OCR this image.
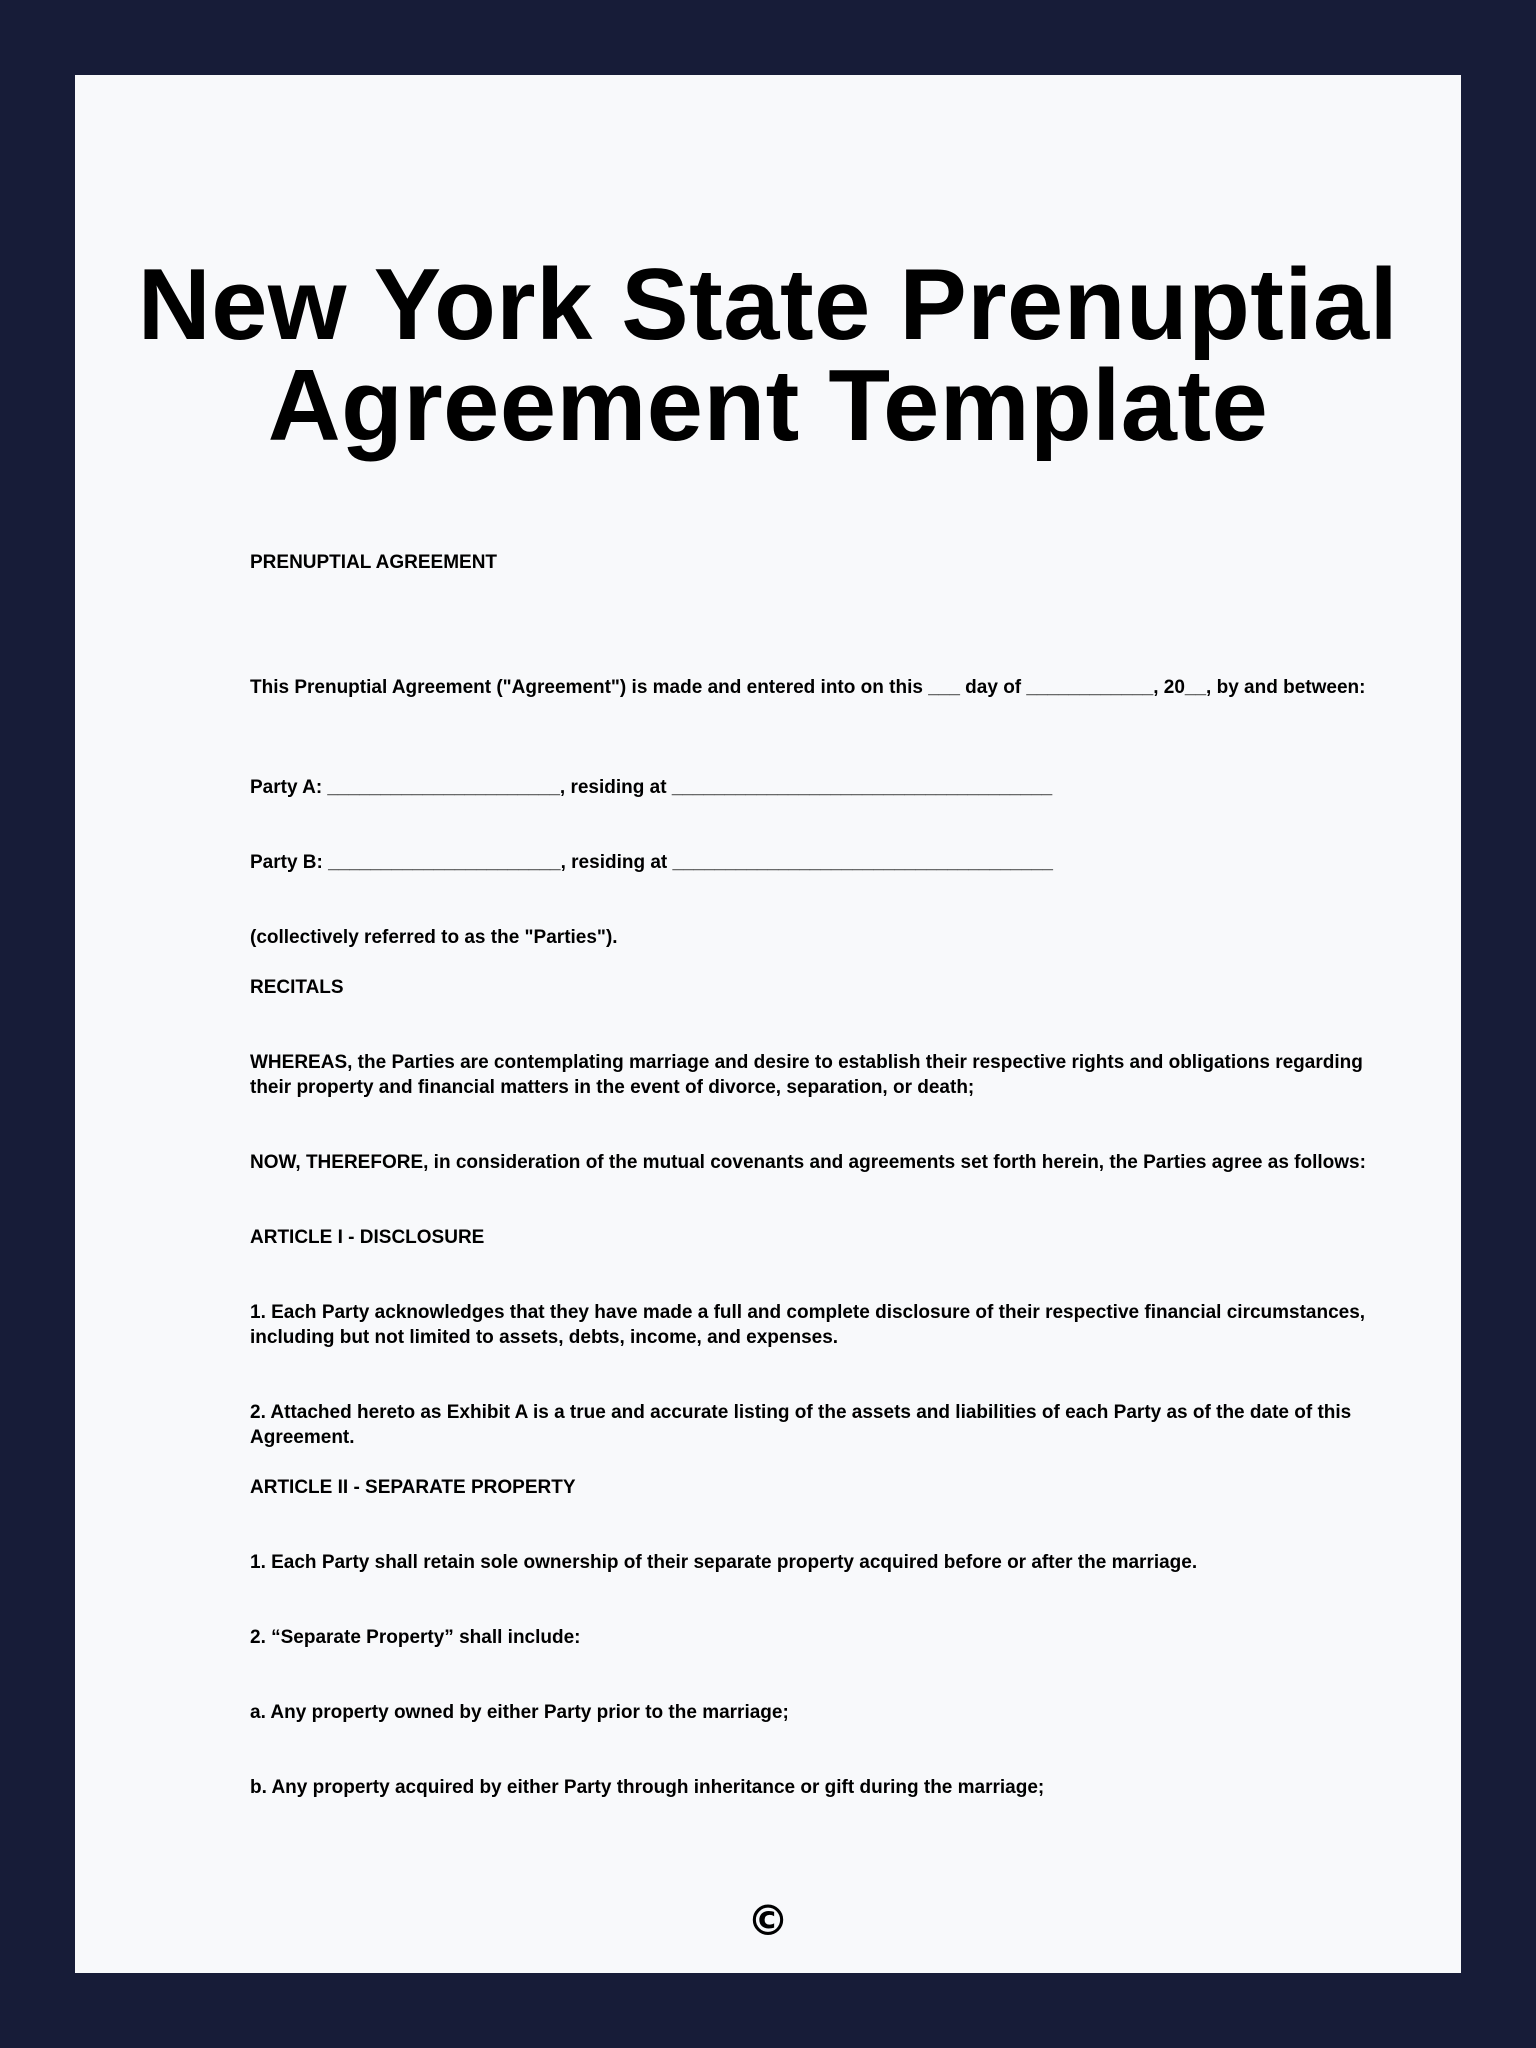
New York State Prenuptial
Agreement Template

PRENUPTIAL AGREEMENT

This Prenuptial Agreement ("Agreement") is made and entered into on this ___ day of ____________, 20__, by and between:

Party A: ______________________, residing at ____________________________________

Party B: ______________________, residing at ____________________________________

(collectively referred to as the "Parties").

RECITALS

WHEREAS, the Parties are contemplating marriage and desire to establish their respective rights and obligations regarding their property and financial matters in the event of divorce, separation, or death;

NOW, THEREFORE, in consideration of the mutual covenants and agreements set forth herein, the Parties agree as follows:

ARTICLE I - DISCLOSURE

1. Each Party acknowledges that they have made a full and complete disclosure of their respective financial circumstances, including but not limited to assets, debts, income, and expenses.

2. Attached hereto as Exhibit A is a true and accurate listing of the assets and liabilities of each Party as of the date of this Agreement.

ARTICLE II - SEPARATE PROPERTY

1. Each Party shall retain sole ownership of their separate property acquired before or after the marriage.

2. “Separate Property” shall include:

a. Any property owned by either Party prior to the marriage;

b. Any property acquired by either Party through inheritance or gift during the marriage;

©
